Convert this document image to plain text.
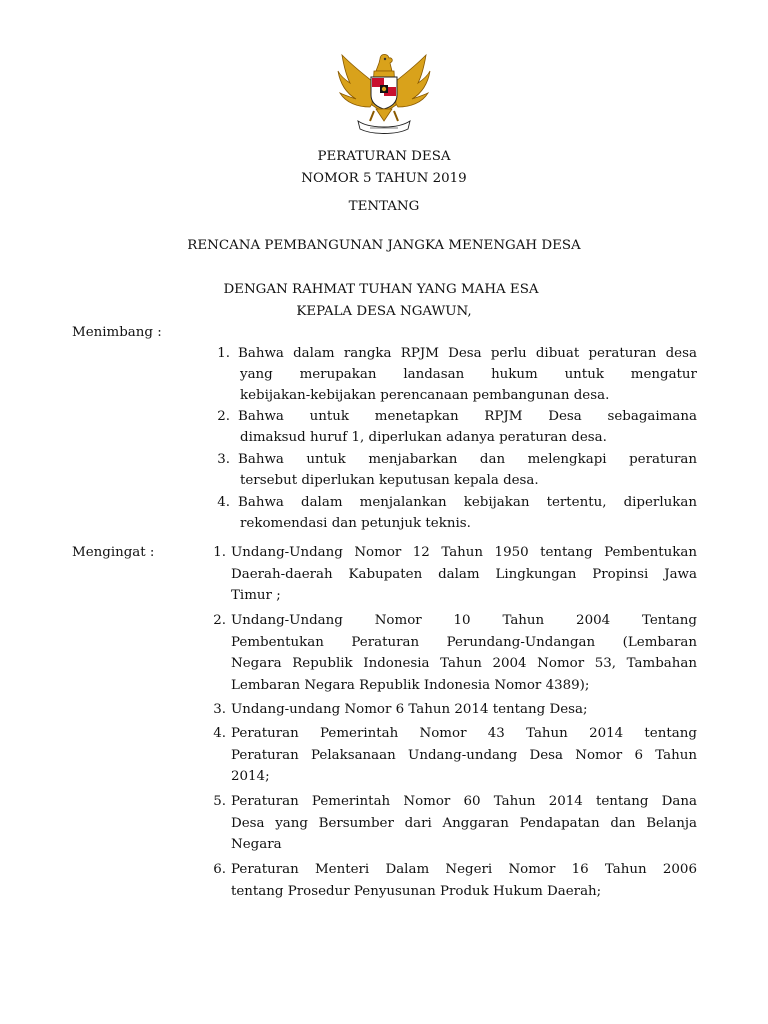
PERATURAN DESA
NOMOR 5 TAHUN 2019
TENTANG
RENCANA PEMBANGUNAN JANGKA MENENGAH DESA
DENGAN RAHMAT TUHAN YANG MAHA ESA
KEPALA DESA NGAWUN,
Menimbang :
1. Bahwa dalam rangka RPJM Desa perlu dibuat peraturan desa
yang merupakan landasan hukum untuk mengatur
kebijakan-kebijakan perencanaan pembangunan desa.
2. Bahwa untuk menetapkan RPJM Desa sebagaimana
dimaksud huruf 1, diperlukan adanya peraturan desa.
3. Bahwa untuk menjabarkan dan melengkapi peraturan
tersebut diperlukan keputusan kepala desa.
4. Bahwa dalam menjalankan kebijakan tertentu, diperlukan
rekomendasi dan petunjuk teknis.
Mengingat :	1. Undang-Undang Nomor 12 Tahun 1950 tentang Pembentukan
Daerah-daerah Kabupaten dalam Lingkungan Propinsi Jawa
Timur ;
2. Undang-Undang Nomor 10 Tahun 2004 Tentang
Pembentukan Peraturan Perundang-Undangan (Lembaran
Negara Republik Indonesia Tahun 2004 Nomor 53, Tambahan
Lembaran Negara Republik Indonesia Nomor 4389);
3. Undang-undang Nomor 6 Tahun 2014 tentang Desa;
4. Peraturan Pemerintah Nomor 43 Tahun 2014 tentang
Peraturan Pelaksanaan Undang-undang Desa Nomor 6 Tahun
2014;
5. Peraturan Pemerintah Nomor 60 Tahun 2014 tentang Dana
Desa yang Bersumber dari Anggaran Pendapatan dan Belanja
Negara
6. Peraturan Menteri Dalam Negeri Nomor 16 Tahun 2006
tentang Prosedur Penyusunan Produk Hukum Daerah;
